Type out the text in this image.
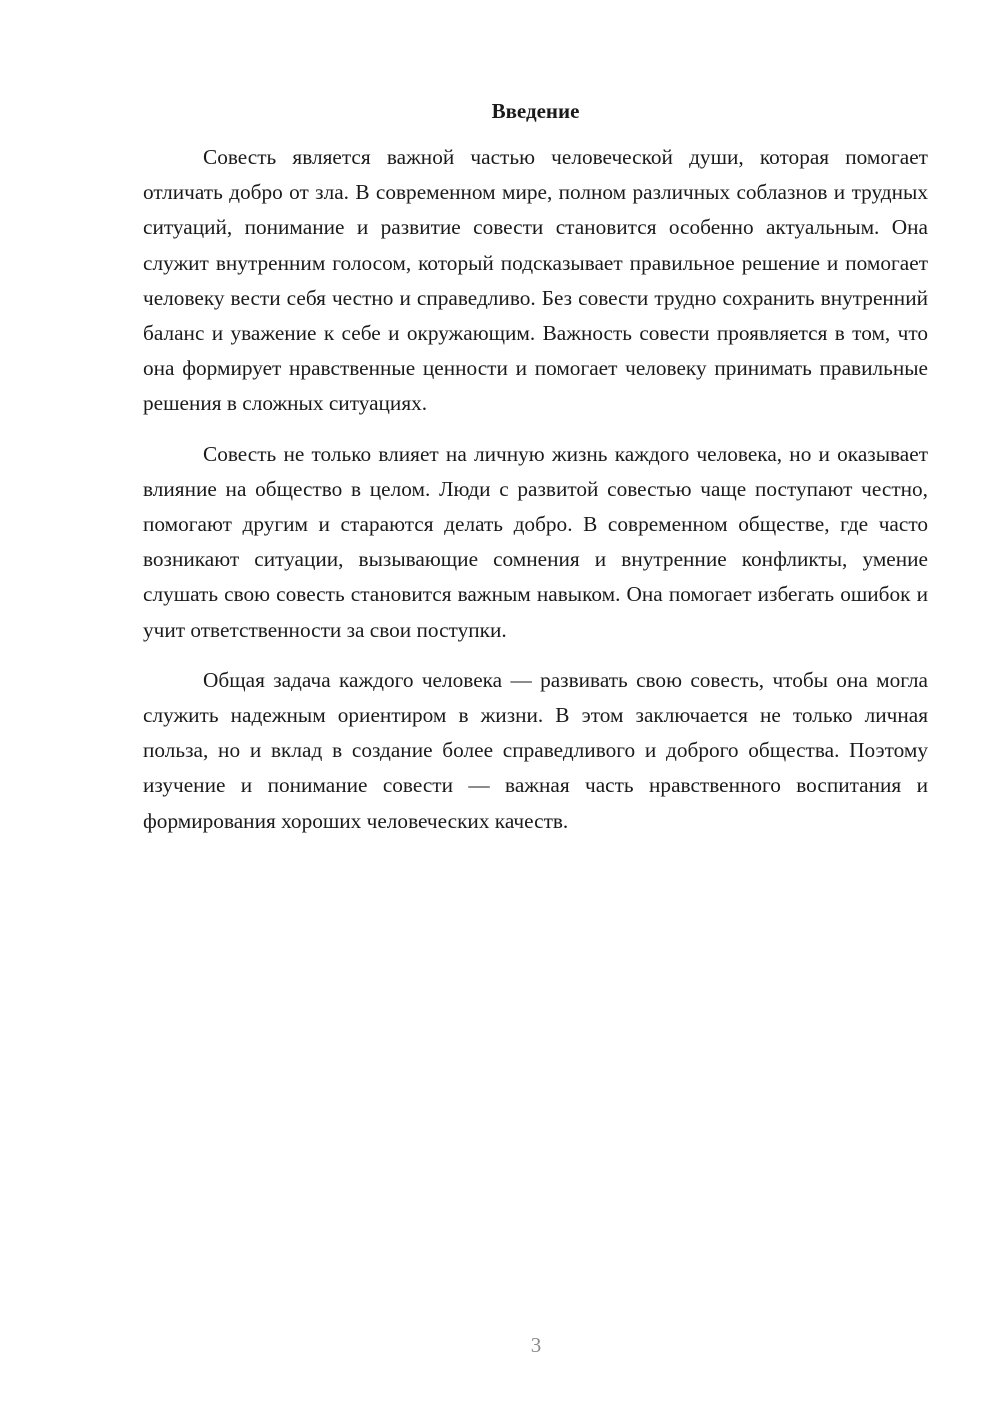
Введение

Совесть является важной частью человеческой души, которая помогает отличать добро от зла. В современном мире, полном различных соблазнов и трудных ситуаций, понимание и развитие совести становится особенно актуальным. Она служит внутренним голосом, который подсказывает правильное решение и помогает человеку вести себя честно и справедливо. Без совести трудно сохранить внутренний баланс и уважение к себе и окружающим. Важность совести проявляется в том, что она формирует нравственные ценности и помогает человеку принимать правильные решения в сложных ситуациях.

Совесть не только влияет на личную жизнь каждого человека, но и оказывает влияние на общество в целом. Люди с развитой совестью чаще поступают честно, помогают другим и стараются делать добро. В современном обществе, где часто возникают ситуации, вызывающие сомнения и внутренние конфликты, умение слушать свою совесть становится важным навыком. Она помогает избегать ошибок и учит ответственности за свои поступки.

Общая задача каждого человека — развивать свою совесть, чтобы она могла служить надежным ориентиром в жизни. В этом заключается не только личная польза, но и вклад в создание более справедливого и доброго общества. Поэтому изучение и понимание совести — важная часть нравственного воспитания и формирования хороших человеческих качеств.

3
